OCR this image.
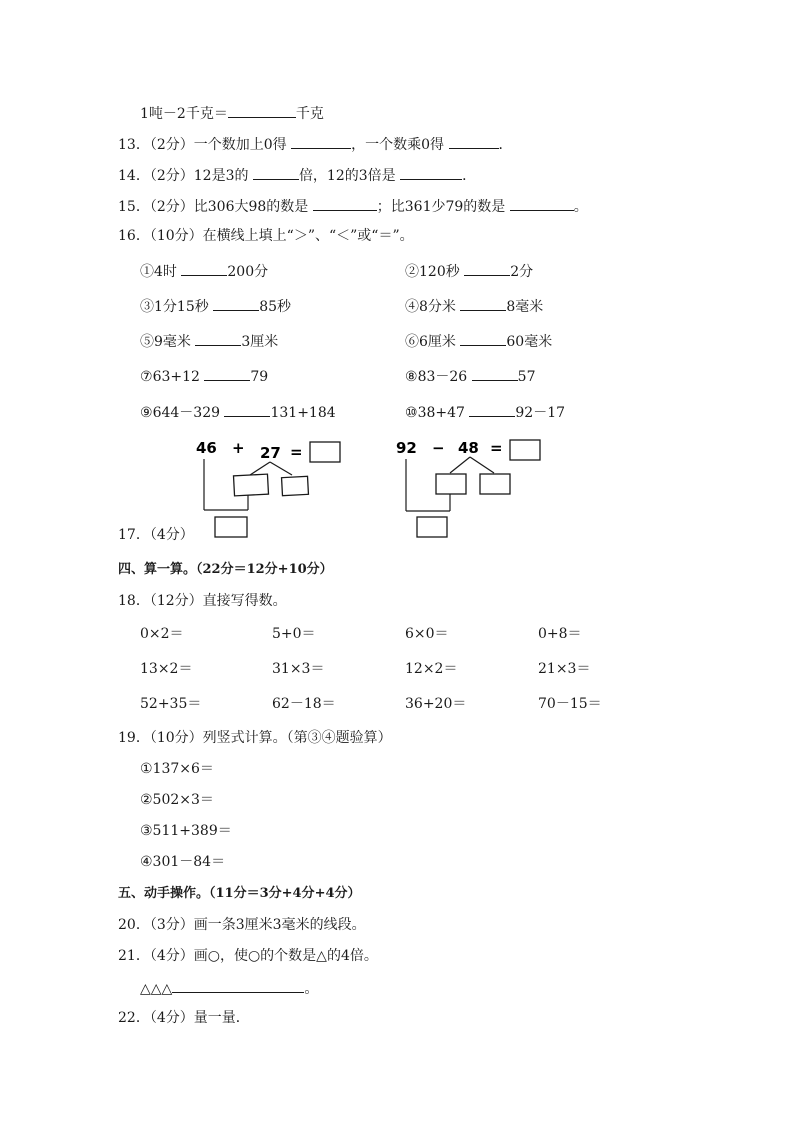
1吨－2千克＝	千克
13．（2分）一个数加上0得	，一个数乘0得	．
14．（2分）12是3的	倍，12的3倍是	．
15．（2分）比306大98的数是	；比361少79的数是	。
16．（10分）在横线上填上“＞”、“＜”或“＝”。
①4时	200分	②120秒	2分
③1分15秒	85秒	④8分米	8毫米
⑤9毫米	3厘米	⑥6厘米	60毫米
⑦63+12	79	⑧83－26	57
⑨644－329	131+184	⑩38+47	92－17
46 + 27 =	92 − 48 =
17．（4分）
四、算一算。（22分＝12分+10分）
18．（12分）直接写得数。
0×2＝	5+0＝	6×0＝	0+8＝
13×2＝	31×3＝	12×2＝	21×3＝
52+35＝	62－18＝	36+20＝	70－15＝
19．（10分）列竖式计算。（第③④题验算）
①137×6＝
②502×3＝
③511+389＝
④301－84＝
五、动手操作。（11分＝3分+4分+4分）
20．（3分）画一条3厘米3毫米的线段。
21．（4分）画○，使○的个数是△的4倍。
△△△	。
22．（4分）量一量．
